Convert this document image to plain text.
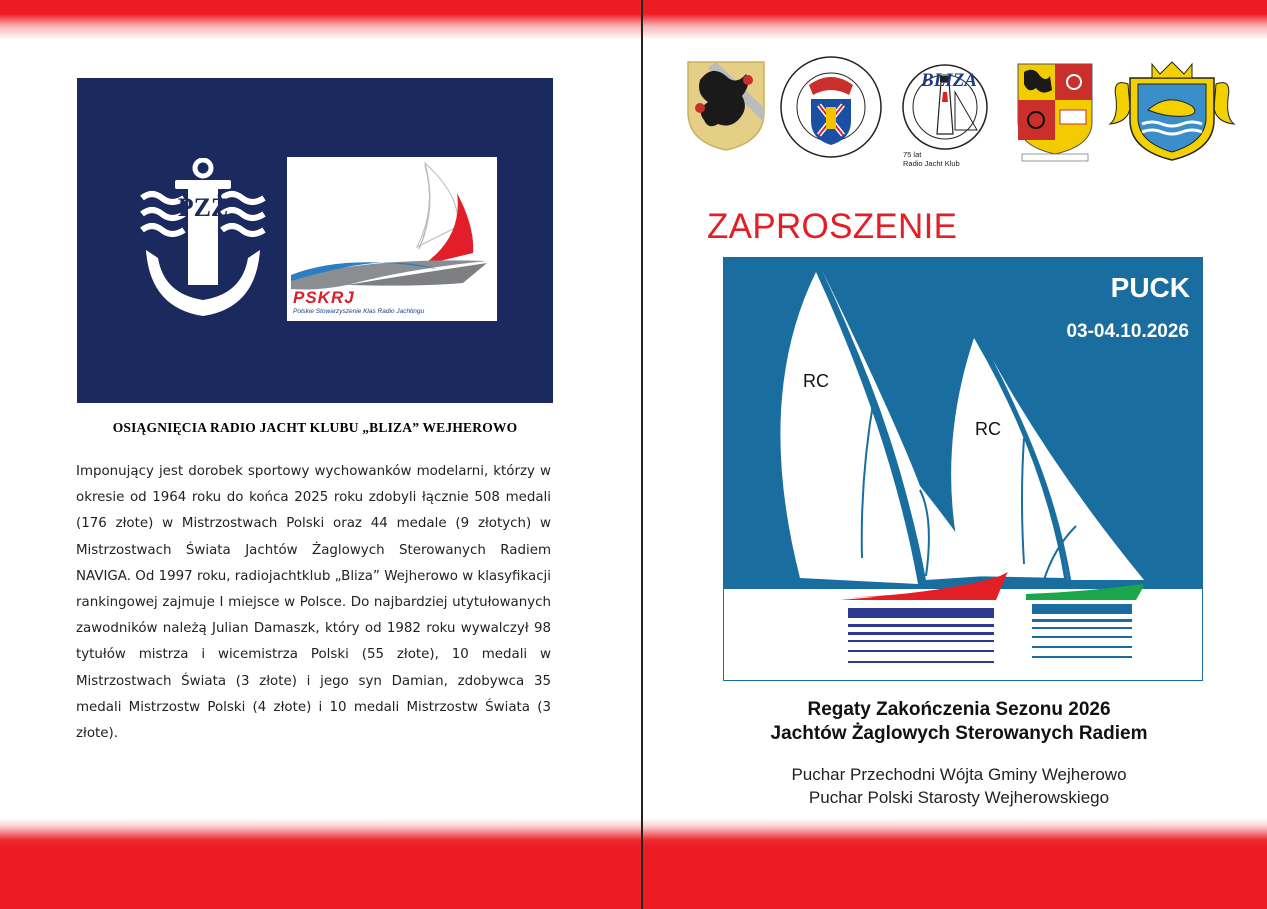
PZŻ
PSKRJ
Polskie Stowarzyszenie Klas Radio Jachtingu
OSIĄGNIĘCIA RADIO JACHT KLUBU „BLIZA” WEJHEROWO

Imponujący jest dorobek sportowy wychowanków modelarni, którzy w okresie od 1964 roku do końca 2025 roku zdobyli łącznie 508 medali (176 złote) w Mistrzostwach Polski oraz 44 medale (9 złotych) w Mistrzostwach Świata Jachtów Żaglowych Sterowanych Radiem NAVIGA. Od 1997 roku, radiojachtklub „Bliza” Wejherowo w klasyfikacji rankingowej zajmuje I miejsce w Polsce. Do najbardziej utytułowanych zawodników należą Julian Damaszk, który od 1982 roku wywalczył 98 tytułów mistrza i wicemistrza Polski (55 złote), 10 medali w Mistrzostwach Świata (3 złote) i jego syn Damian, zdobywca 35 medali Mistrzostw Polski (4 złote) i 10 medali Mistrzostw Świata (3 złote).

BLIZA
75 lat
Radio Jacht Klub
ZAPROSZENIE
PUCK
03-04.10.2026
RC
RC
Regaty Zakończenia Sezonu 2026
Jachtów Żaglowych Sterowanych Radiem
Puchar Przechodni Wójta Gminy Wejherowo
Puchar Polski Starosty Wejherowskiego
